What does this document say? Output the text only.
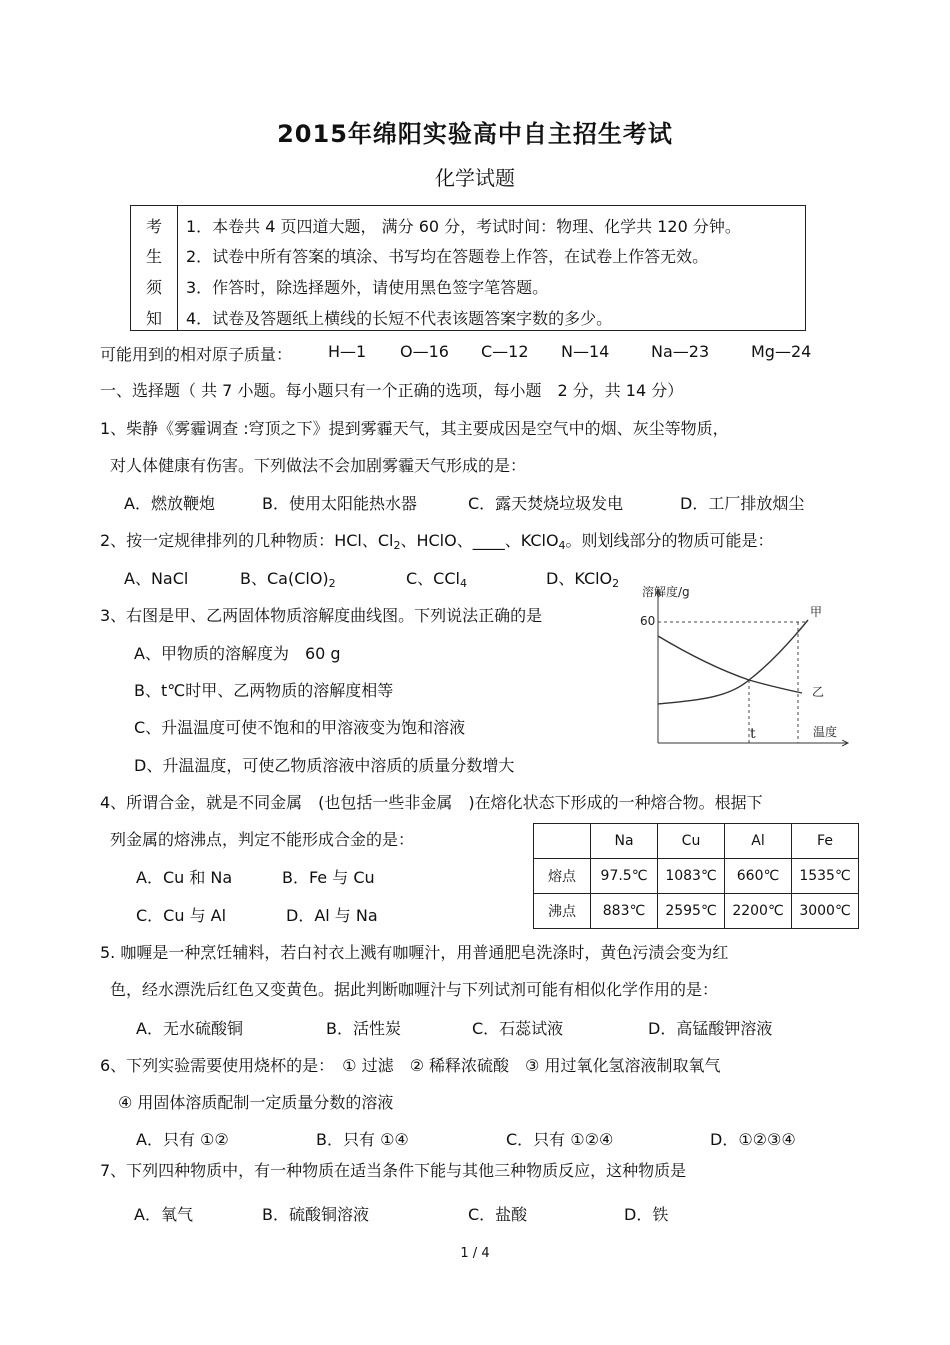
2015年绵阳实验高中自主招生考试
化学试题
考
生
须
知
1．本卷共 4 页四道大题， 满分 60 分，考试时间：物理、化学共 120 分钟。
2．试卷中所有答案的填涂、书写均在答题卷上作答，在试卷上作答无效。
3．作答时，除选择题外，请使用黑色签字笔答题。
4．试卷及答题纸上横线的长短不代表该题答案字数的多少。
可能用到的相对原子质量： H—1 O—16 C—12 N—14	Na—23	Mg—24
一、选择题（ 共 7 小题。每小题只有一个正确的选项，每小题　2 分，共 14 分）
1、柴静《雾霾调查 :穹顶之下》提到雾霾天气，其主要成因是空气中的烟、灰尘等物质，
对人体健康有伤害。下列做法不会加剧雾霾天气形成的是：
A．燃放鞭炮	B．使用太阳能热水器	C．露天焚烧垃圾发电	D．工厂排放烟尘
2、按一定规律排列的几种物质：HCl、$Cl_2$、HClO、____、KClO$_4$。则划线部分的物质可能是：
A、NaCl	B、$Ca(ClO)_2$	C、CCl$_4$	D、KClO$_2$
3、右图是甲、乙两固体物质溶解度曲线图。下列说法正确的是
A、甲物质的溶解度为　60 g
B、t℃时甲、乙两物质的溶解度相等
C、升温温度可使不饱和的甲溶液变为饱和溶液
D、升温温度，可使乙物质溶液中溶质的质量分数增大
溶解度/g
温度
60
t
甲
乙
4、所谓合金，就是不同金属　(也包括一些非金属　)在熔化状态下形成的一种熔合物。根据下
列金属的熔沸点，判定不能形成合金的是：
A．Cu 和 Na	B．Fe 与 Cu
C．Cu 与 Al	D．Al 与 Na
	Na	Cu	Al	Fe
熔点	97.5℃	1083℃	660℃	1535℃
沸点	883℃	2595℃	2200℃	3000℃
5. 咖喱是一种烹饪辅料，若白衬衣上溅有咖喱汁，用普通肥皂洗涤时，黄色污渍会变为红
色，经水漂洗后红色又变黄色。据此判断咖喱汁与下列试剂可能有相似化学作用的是：
A．无水硫酸铜	B．活性炭	C．石蕊试液	D．高锰酸钾溶液
6、下列实验需要使用烧杯的是：　① 过滤　② 稀释浓硫酸　③ 用过氧化氢溶液制取氧气
④ 用固体溶质配制一定质量分数的溶液
A．只有 ①②	B．只有 ①④	C．只有 ①②④	D．①②③④
7、下列四种物质中，有一种物质在适当条件下能与其他三种物质反应，这种物质是
A．氧气	B．硫酸铜溶液	C．盐酸	D．铁
1 / 4
